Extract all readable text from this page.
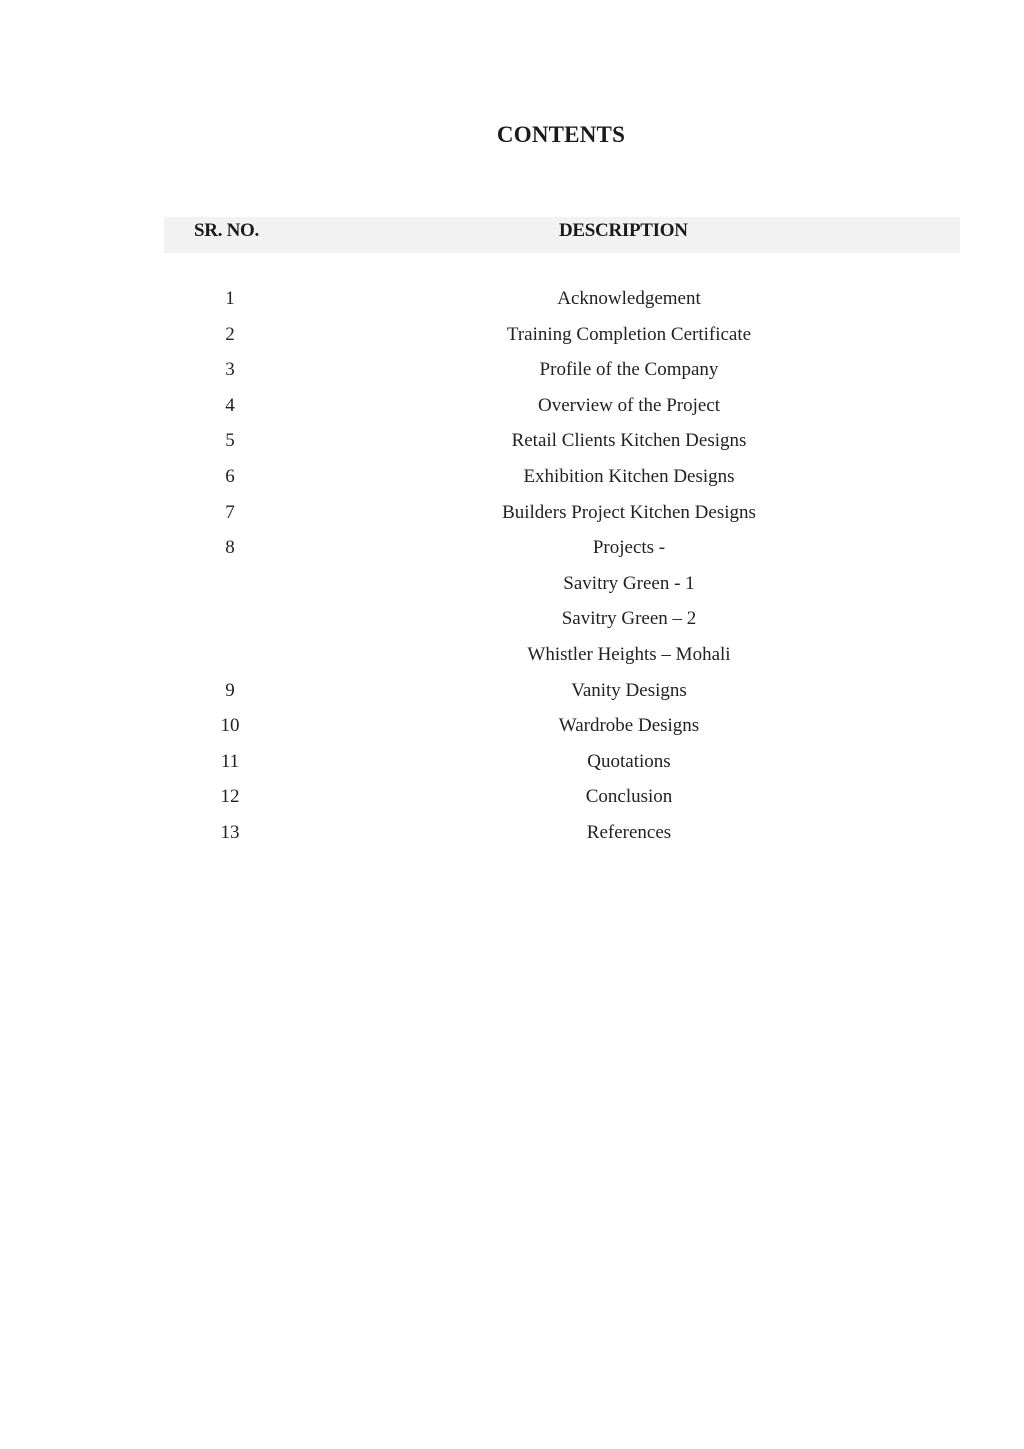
CONTENTS
SR. NO.	DESCRIPTION
1	Acknowledgement
2	Training Completion Certificate
3	Profile of the Company
4	Overview of the Project
5	Retail Clients Kitchen Designs
6	Exhibition Kitchen Designs
7	Builders Project Kitchen Designs
8	Projects -
Savitry Green - 1
Savitry Green – 2
Whistler Heights – Mohali
9	Vanity Designs
10	Wardrobe Designs
11	Quotations
12	Conclusion
13	References
